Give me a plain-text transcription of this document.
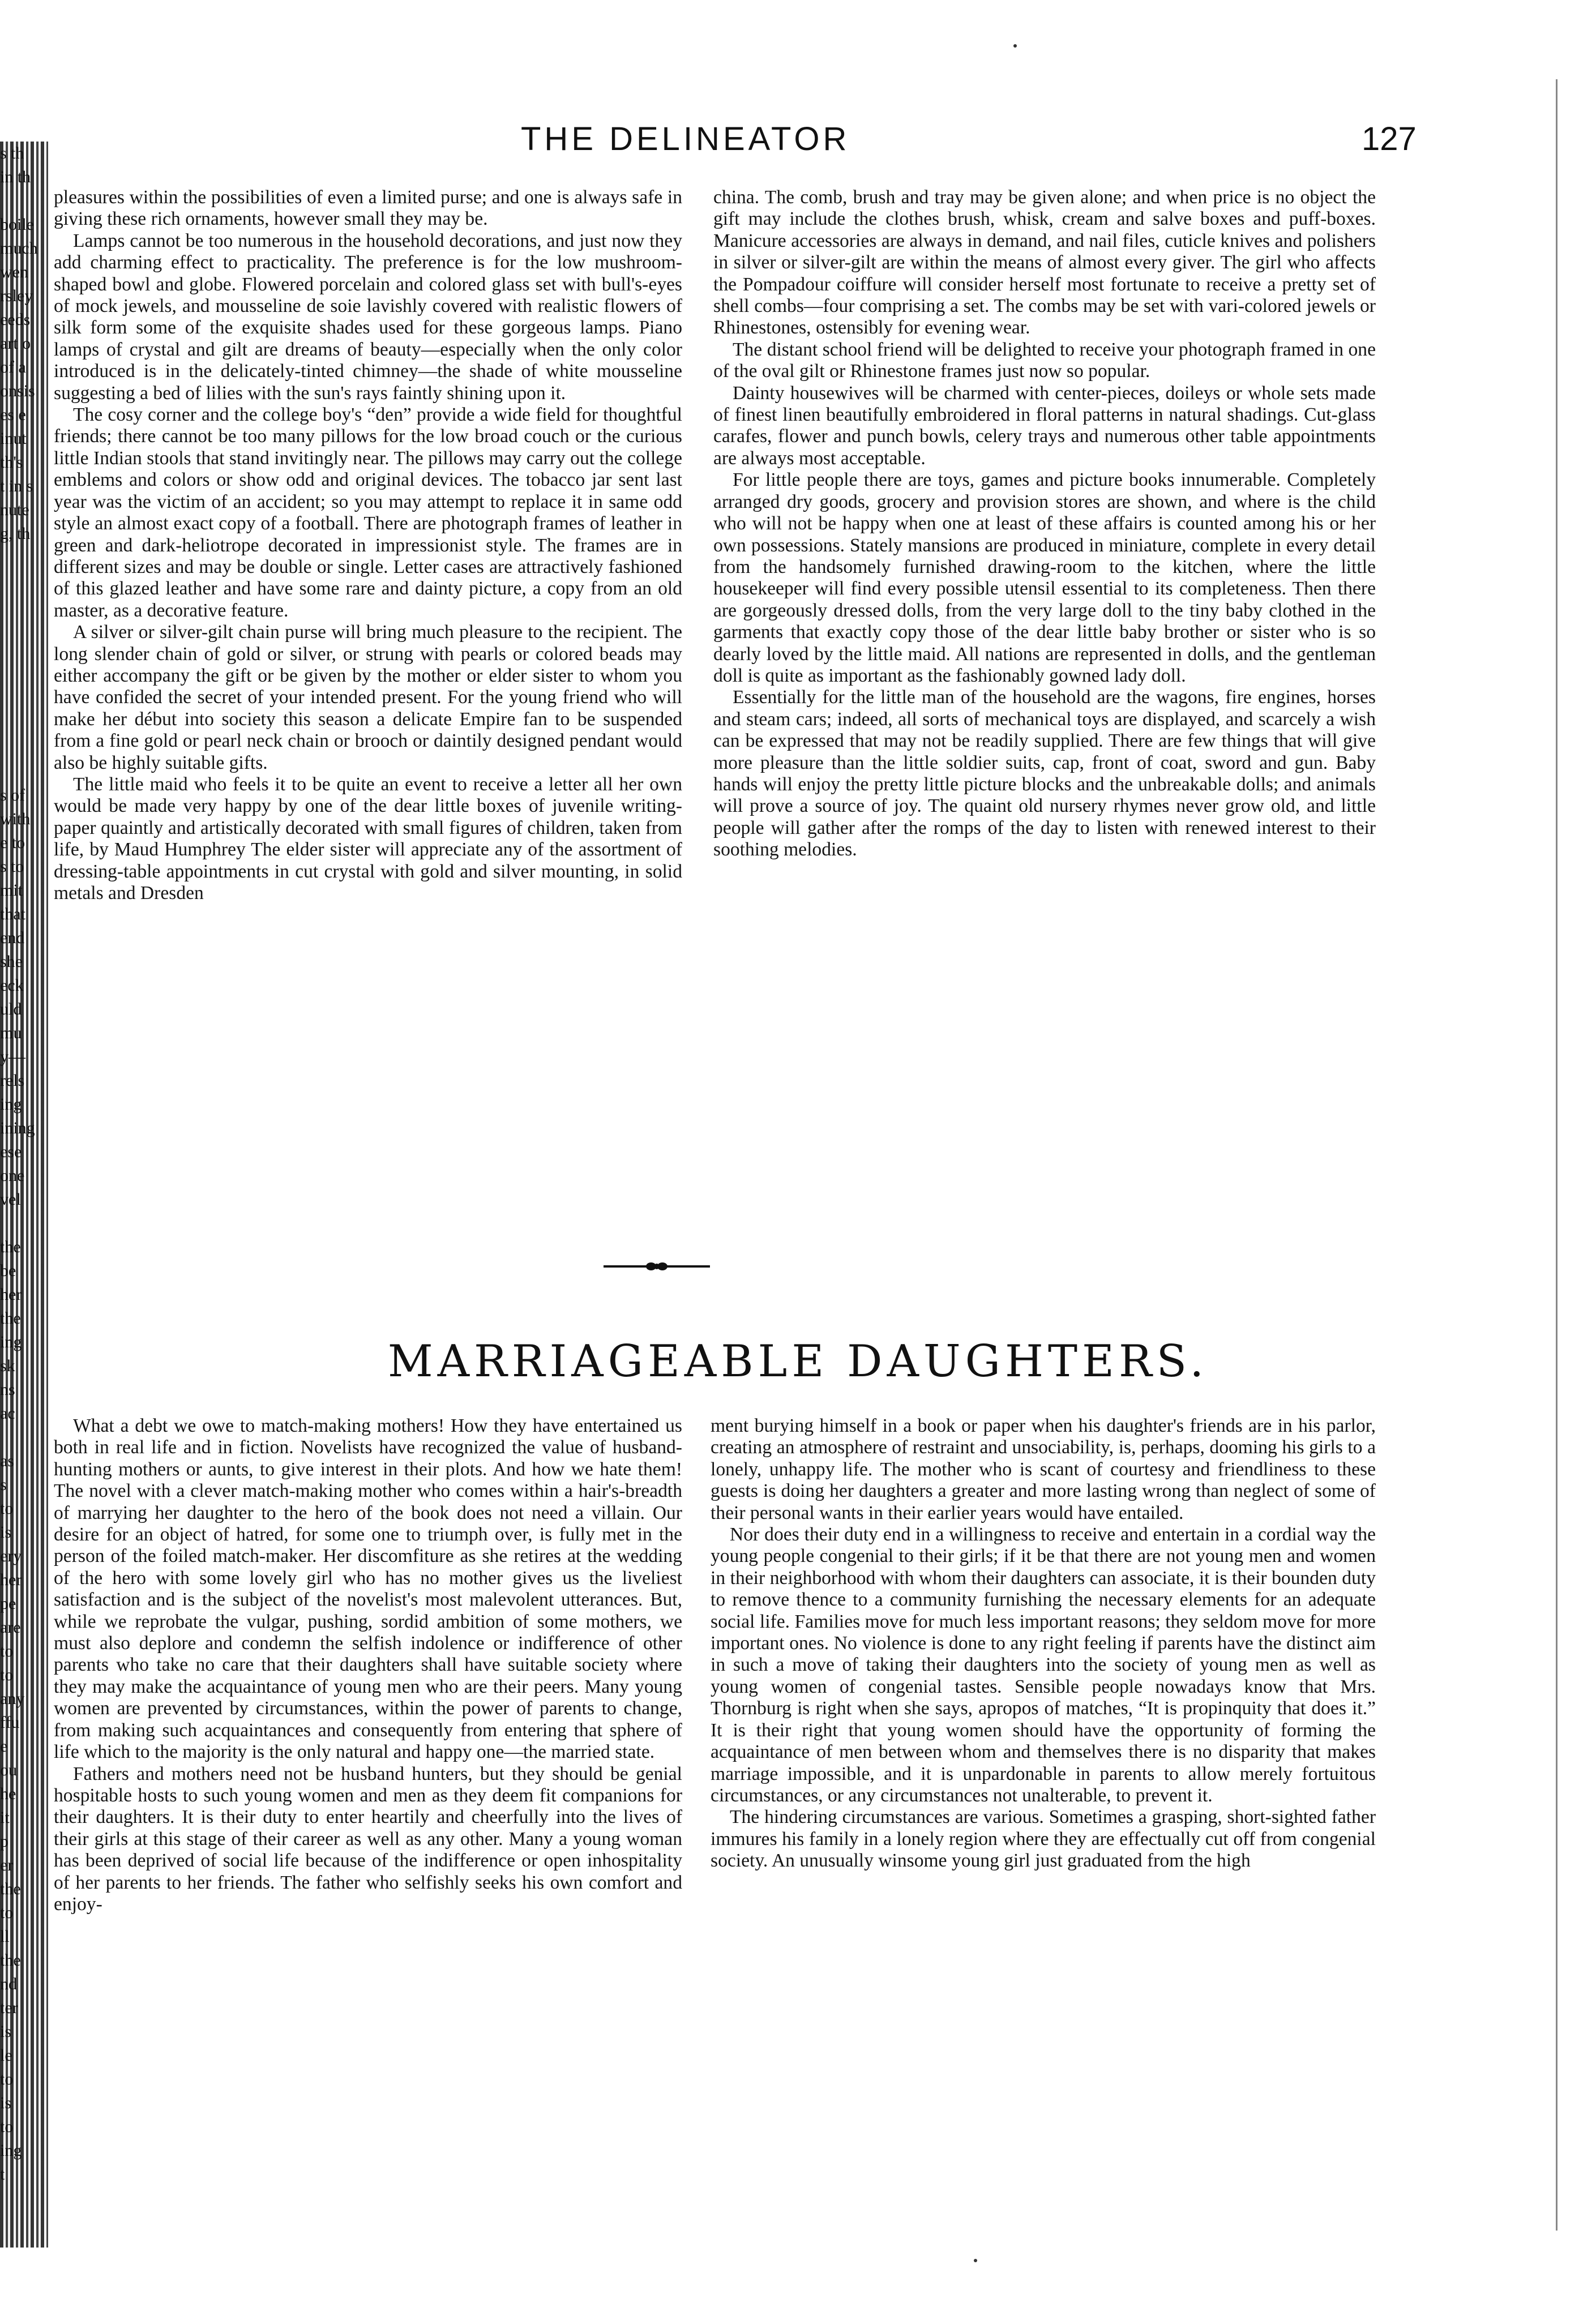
s th
in th

boile
much
wen
rsley
eeds
art o
of a
onsis
es e
inut
th's
t in s
nute
g, th

s of
with
e to
s to
mit
that
end
she
eck
uld
mu
y—
rels
ing
ining
ese
one
vel

the
be
her
the
ing
sk
ns
ac

as
s
to
is
ery
her
pe
are
to
to
any
ffu
e
ou
he
it
p
er
the
to
ll
the
nd
ter
is
le
to
is
to
ing
t
THE DELINEATOR	127

pleasures within the possibilities of even a limited purse; and one is always safe in giving these rich ornaments, however small they may be.

Lamps cannot be too numerous in the household decorations, and just now they add charming effect to practicality. The preference is for the low mushroom-shaped bowl and globe. Flowered porcelain and colored glass set with bull's-eyes of mock jewels, and mousseline de soie lavishly covered with realistic flowers of silk form some of the exquisite shades used for these gorgeous lamps. Piano lamps of crystal and gilt are dreams of beauty—especially when the only color introduced is in the delicately-tinted chimney—the shade of white mousseline suggesting a bed of lilies with the sun's rays faintly shining upon it.

The cosy corner and the college boy's “den” provide a wide field for thoughtful friends; there cannot be too many pillows for the low broad couch or the curious little Indian stools that stand invitingly near. The pillows may carry out the college emblems and colors or show odd and original devices. The tobacco jar sent last year was the victim of an accident; so you may attempt to replace it in same odd style an almost exact copy of a football. There are photograph frames of leather in green and dark-heliotrope decorated in impressionist style. The frames are in different sizes and may be double or single. Letter cases are attractively fashioned of this glazed leather and have some rare and dainty picture, a copy from an old master, as a decorative feature.

A silver or silver-gilt chain purse will bring much pleasure to the recipient. The long slender chain of gold or silver, or strung with pearls or colored beads may either accompany the gift or be given by the mother or elder sister to whom you have confided the secret of your intended present. For the young friend who will make her début into society this season a delicate Empire fan to be suspended from a fine gold or pearl neck chain or brooch or daintily designed pendant would also be highly suitable gifts.

The little maid who feels it to be quite an event to receive a letter all her own would be made very happy by one of the dear little boxes of juvenile writing-paper quaintly and artistically decorated with small figures of children, taken from life, by Maud Humphrey The elder sister will appreciate any of the assortment of dressing-table appointments in cut crystal with gold and silver mounting, in solid metals and Dresden

china. The comb, brush and tray may be given alone; and when price is no object the gift may include the clothes brush, whisk, cream and salve boxes and puff-boxes. Manicure accessories are always in demand, and nail files, cuticle knives and polishers in silver or silver-gilt are within the means of almost every giver. The girl who affects the Pompadour coiffure will consider herself most fortunate to receive a pretty set of shell combs—four comprising a set. The combs may be set with vari-colored jewels or Rhinestones, ostensibly for evening wear.

The distant school friend will be delighted to receive your photograph framed in one of the oval gilt or Rhinestone frames just now so popular.

Dainty housewives will be charmed with center-pieces, doileys or whole sets made of finest linen beautifully embroidered in floral patterns in natural shadings. Cut-glass carafes, flower and punch bowls, celery trays and numerous other table appointments are always most acceptable.

For little people there are toys, games and picture books innumerable. Completely arranged dry goods, grocery and provision stores are shown, and where is the child who will not be happy when one at least of these affairs is counted among his or her own possessions. Stately mansions are produced in miniature, complete in every detail from the handsomely furnished drawing-room to the kitchen, where the little housekeeper will find every possible utensil essential to its completeness. Then there are gorgeously dressed dolls, from the very large doll to the tiny baby clothed in the garments that exactly copy those of the dear little baby brother or sister who is so dearly loved by the little maid. All nations are represented in dolls, and the gentleman doll is quite as important as the fashionably gowned lady doll.

Essentially for the little man of the household are the wagons, fire engines, horses and steam cars; indeed, all sorts of mechanical toys are displayed, and scarcely a wish can be expressed that may not be readily supplied. There are few things that will give more pleasure than the little soldier suits, cap, front of coat, sword and gun. Baby hands will enjoy the pretty little picture blocks and the unbreakable dolls; and animals will prove a source of joy. The quaint old nursery rhymes never grow old, and little people will gather after the romps of the day to listen with renewed interest to their soothing melodies.

MARRIAGEABLE DAUGHTERS.

What a debt we owe to match-making mothers! How they have entertained us both in real life and in fiction. Novelists have recognized the value of husband-hunting mothers or aunts, to give interest in their plots. And how we hate them! The novel with a clever match-making mother who comes within a hair's-breadth of marrying her daughter to the hero of the book does not need a villain. Our desire for an object of hatred, for some one to triumph over, is fully met in the person of the foiled match-maker. Her discomfiture as she retires at the wedding of the hero with some lovely girl who has no mother gives us the liveliest satisfaction and is the subject of the novelist's most malevolent utterances. But, while we reprobate the vulgar, pushing, sordid ambition of some mothers, we must also deplore and condemn the selfish indolence or indifference of other parents who take no care that their daughters shall have suitable society where they may make the acquaintance of young men who are their peers. Many young women are prevented by circumstances, within the power of parents to change, from making such acquaintances and consequently from entering that sphere of life which to the majority is the only natural and happy one—the married state.

Fathers and mothers need not be husband hunters, but they should be genial hospitable hosts to such young women and men as they deem fit companions for their daughters. It is their duty to enter heartily and cheerfully into the lives of their girls at this stage of their career as well as any other. Many a young woman has been deprived of social life because of the indifference or open inhospitality of her parents to her friends. The father who selfishly seeks his own comfort and enjoy-

ment burying himself in a book or paper when his daughter's friends are in his parlor, creating an atmosphere of restraint and unsociability, is, perhaps, dooming his girls to a lonely, unhappy life. The mother who is scant of courtesy and friendliness to these guests is doing her daughters a greater and more lasting wrong than neglect of some of their personal wants in their earlier years would have entailed.

Nor does their duty end in a willingness to receive and entertain in a cordial way the young people congenial to their girls; if it be that there are not young men and women in their neighborhood with whom their daughters can associate, it is their bounden duty to remove thence to a community furnishing the necessary elements for an adequate social life. Families move for much less important reasons; they seldom move for more important ones. No violence is done to any right feeling if parents have the distinct aim in such a move of taking their daughters into the society of young men as well as young women of congenial tastes. Sensible people nowadays know that Mrs. Thornburg is right when she says, apropos of matches, “It is propinquity that does it.” It is their right that young women should have the opportunity of forming the acquaintance of men between whom and themselves there is no disparity that makes marriage impossible, and it is unpardonable in parents to allow merely fortuitous circumstances, or any circumstances not unalterable, to prevent it.

The hindering circumstances are various. Sometimes a grasping, short-sighted father immures his family in a lonely region where they are effectually cut off from congenial society. An unusually winsome young girl just graduated from the high
